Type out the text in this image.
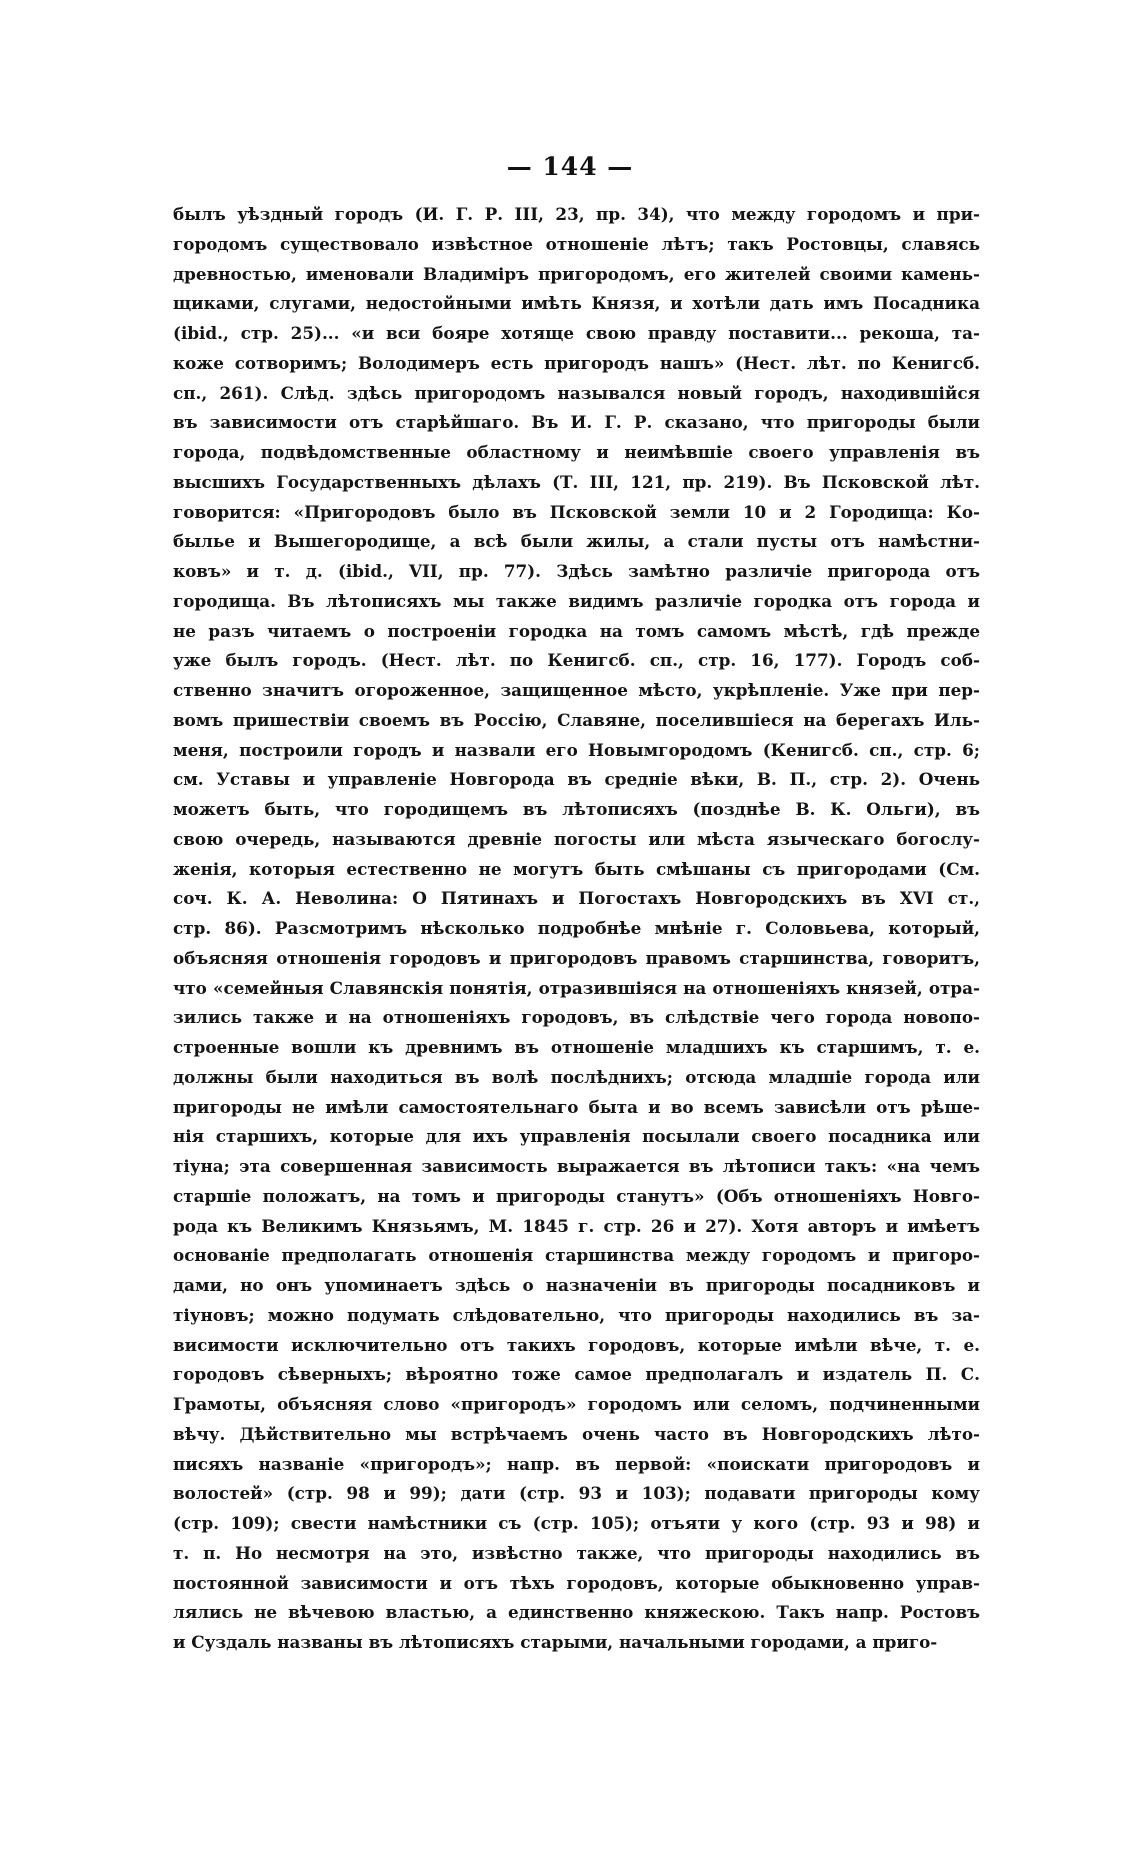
— 144 —
былъ уѣздный городъ (И. Г. Р. III, 23, пр. 34), что между городомъ и при-
городомъ существовало извѣстное отношеніе лѣтъ; такъ Ростовцы, славясь
древностью, именовали Владиміръ пригородомъ, его жителей своими камень-
щиками, слугами, недостойными имѣть Князя, и хотѣли дать имъ Посадника
(ibid., стр. 25)... «и вси бояре хотяще свою правду поставити... рекоша, та-
коже сотворимъ; Володимеръ есть пригородъ нашъ» (Нест. лѣт. по Кенигсб.
сп., 261). Слѣд. здѣсь пригородомъ назывался новый городъ, находившійся
въ зависимости отъ старѣйшаго. Въ И. Г. Р. сказано, что пригороды были
города, подвѣдомственные областному и неимѣвшіе своего управленія въ
высшихъ Государственныхъ дѣлахъ (Т. III, 121, пр. 219). Въ Псковской лѣт.
говорится: «Пригородовъ было въ Псковской земли 10 и 2 Городища: Ко-
былье и Вышегородище, а всѣ были жилы, а стали пусты отъ намѣстни-
ковъ» и т. д. (ibid., VII, пр. 77). Здѣсь замѣтно различіе пригорода отъ
городища. Въ лѣтописяхъ мы также видимъ различіе городка отъ города и
не разъ читаемъ о построеніи городка на томъ самомъ мѣстѣ, гдѣ прежде
уже былъ городъ. (Нест. лѣт. по Кенигсб. сп., стр. 16, 177). Городъ соб-
ственно значитъ огороженное, защищенное мѣсто, укрѣпленіе. Уже при пер-
вомъ пришествіи своемъ въ Россію, Славяне, поселившіеся на берегахъ Иль-
меня, построили городъ и назвали его Новымгородомъ (Кенигсб. сп., стр. 6;
см. Уставы и управленіе Новгорода въ средніе вѣки, В. П., стр. 2). Очень
можетъ быть, что городищемъ въ лѣтописяхъ (позднѣе В. К. Ольги), въ
свою очередь, называются древніе погосты или мѣста языческаго богослу-
женія, которыя естественно не могутъ быть смѣшаны съ пригородами (См.
соч. К. А. Неволина: О Пятинахъ и Погостахъ Новгородскихъ въ XVI ст.,
стр. 86). Разсмотримъ нѣсколько подробнѣе мнѣніе г. Соловьева, который,
объясняя отношенія городовъ и пригородовъ правомъ старшинства, говоритъ,
что «семейныя Славянскія понятія, отразившіяся на отношеніяхъ князей, отра-
зились также и на отношеніяхъ городовъ, въ слѣдствіе чего города новопо-
строенные вошли къ древнимъ въ отношеніе младшихъ къ старшимъ, т. е.
должны были находиться въ волѣ послѣднихъ; отсюда младшіе города или
пригороды не имѣли самостоятельнаго быта и во всемъ зависѣли отъ рѣше-
нія старшихъ, которые для ихъ управленія посылали своего посадника или
тіуна; эта совершенная зависимость выражается въ лѣтописи такъ: «на чемъ
старшіе положатъ, на томъ и пригороды станутъ» (Объ отношеніяхъ Новго-
рода къ Великимъ Князьямъ, М. 1845 г. стр. 26 и 27). Хотя авторъ и имѣетъ
основаніе предполагать отношенія старшинства между городомъ и пригоро-
дами, но онъ упоминаетъ здѣсь о назначеніи въ пригороды посадниковъ и
тіуновъ; можно подумать слѣдовательно, что пригороды находились въ за-
висимости исключительно отъ такихъ городовъ, которые имѣли вѣче, т. е.
городовъ сѣверныхъ; вѣроятно тоже самое предполагалъ и издатель П. С.
Грамоты, объясняя слово «пригородъ» городомъ или селомъ, подчиненными
вѣчу. Дѣйствительно мы встрѣчаемъ очень часто въ Новгородскихъ лѣто-
писяхъ названіе «пригородъ»; напр. въ первой: «поискати пригородовъ и
волостей» (стр. 98 и 99); дати (стр. 93 и 103); подавати пригороды кому
(стр. 109); свести намѣстники съ (стр. 105); отъяти у кого (стр. 93 и 98) и
т. п. Но несмотря на это, извѣстно также, что пригороды находились въ
постоянной зависимости и отъ тѣхъ городовъ, которые обыкновенно управ-
лялись не вѣчевою властью, а единственно княжескою. Такъ напр. Ростовъ
и Суздаль названы въ лѣтописяхъ старыми, начальными городами, а приго-
